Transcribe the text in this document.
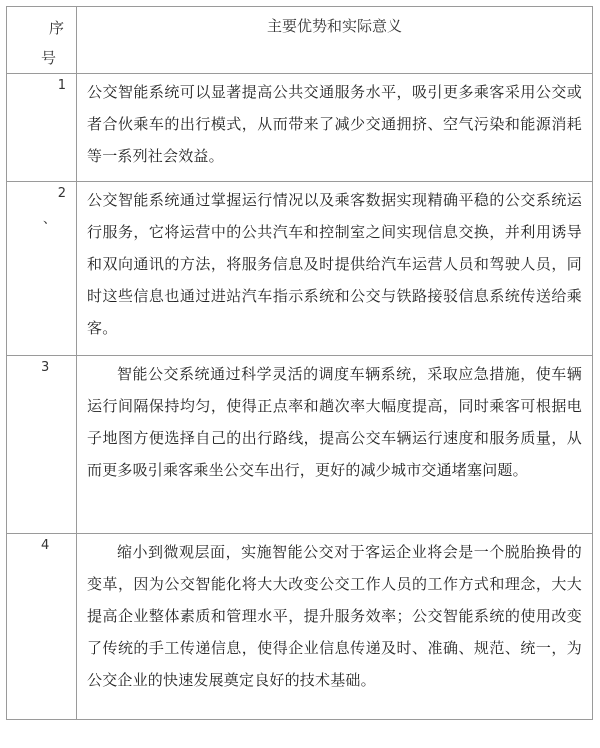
序
号	主要优势和实际意义

1	公交智能系统可以显著提高公共交通服务水平，吸引更多乘客采用公交或者合伙乘车的出行模式，从而带来了减少交通拥挤、空气污染和能源消耗等一系列社会效益。

2
、	公交智能系统通过掌握运行情况以及乘客数据实现精确平稳的公交系统运行服务，它将运营中的公共汽车和控制室之间实现信息交换，并利用诱导和双向通讯的方法，将服务信息及时提供给汽车运营人员和驾驶人员，同时这些信息也通过进站汽车指示系统和公交与铁路接驳信息系统传送给乘客。

3	智能公交系统通过科学灵活的调度车辆系统，采取应急措施，使车辆运行间隔保持均匀，使得正点率和趟次率大幅度提高，同时乘客可根据电子地图方便选择自己的出行路线，提高公交车辆运行速度和服务质量，从而更多吸引乘客乘坐公交车出行，更好的减少城市交通堵塞问题。

4	缩小到微观层面，实施智能公交对于客运企业将会是一个脱胎换骨的变革，因为公交智能化将大大改变公交工作人员的工作方式和理念，大大提高企业整体素质和管理水平，提升服务效率；公交智能系统的使用改变了传统的手工传递信息，使得企业信息传递及时、准确、规范、统一，为公交企业的快速发展奠定良好的技术基础。
